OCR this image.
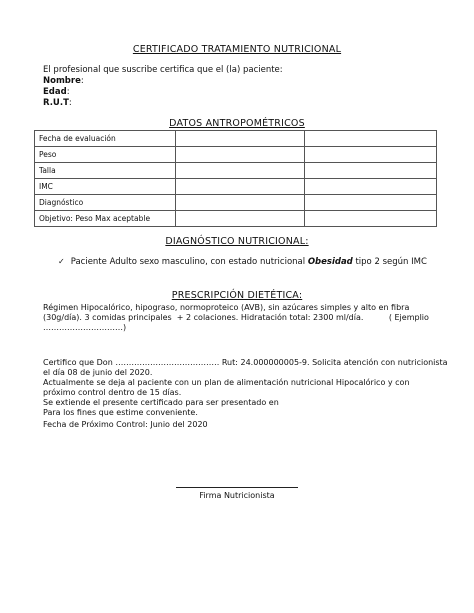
CERTIFICADO TRATAMIENTO NUTRICIONAL
El profesional que suscribe certifica que el (la) paciente:
Nombre:
Edad:
R.U.T:
DATOS ANTROPOMÉTRICOS
Fecha de evaluación		
Peso		
Talla		
IMC		
Diagnóstico		
Objetivo: Peso Max aceptable		
DIAGNÓSTICO NUTRICIONAL:
✓ Paciente Adulto sexo masculino, con estado nutricional Obesidad tipo 2 según IMC
PRESCRIPCIÓN DIETÉTICA:
Régimen Hipocalórico, hipograso, normoproteico (AVB), sin azúcares simples y alto en fibra
(30g/día). 3 comidas principales  + 2 colaciones. Hidratación total: 2300 ml/día.          ( Ejemplio
…………………………)
Certifico que Don ………………………………… Rut: 24.000000005-9. Solicita atención con nutricionista
el día 08 de junio del 2020.
Actualmente se deja al paciente con un plan de alimentación nutricional Hipocalórico y con
próximo control dentro de 15 días.
Se extiende el presente certificado para ser presentado en
Para los fines que estime conveniente.
Fecha de Próximo Control: Junio del 2020
Firma Nutricionista
